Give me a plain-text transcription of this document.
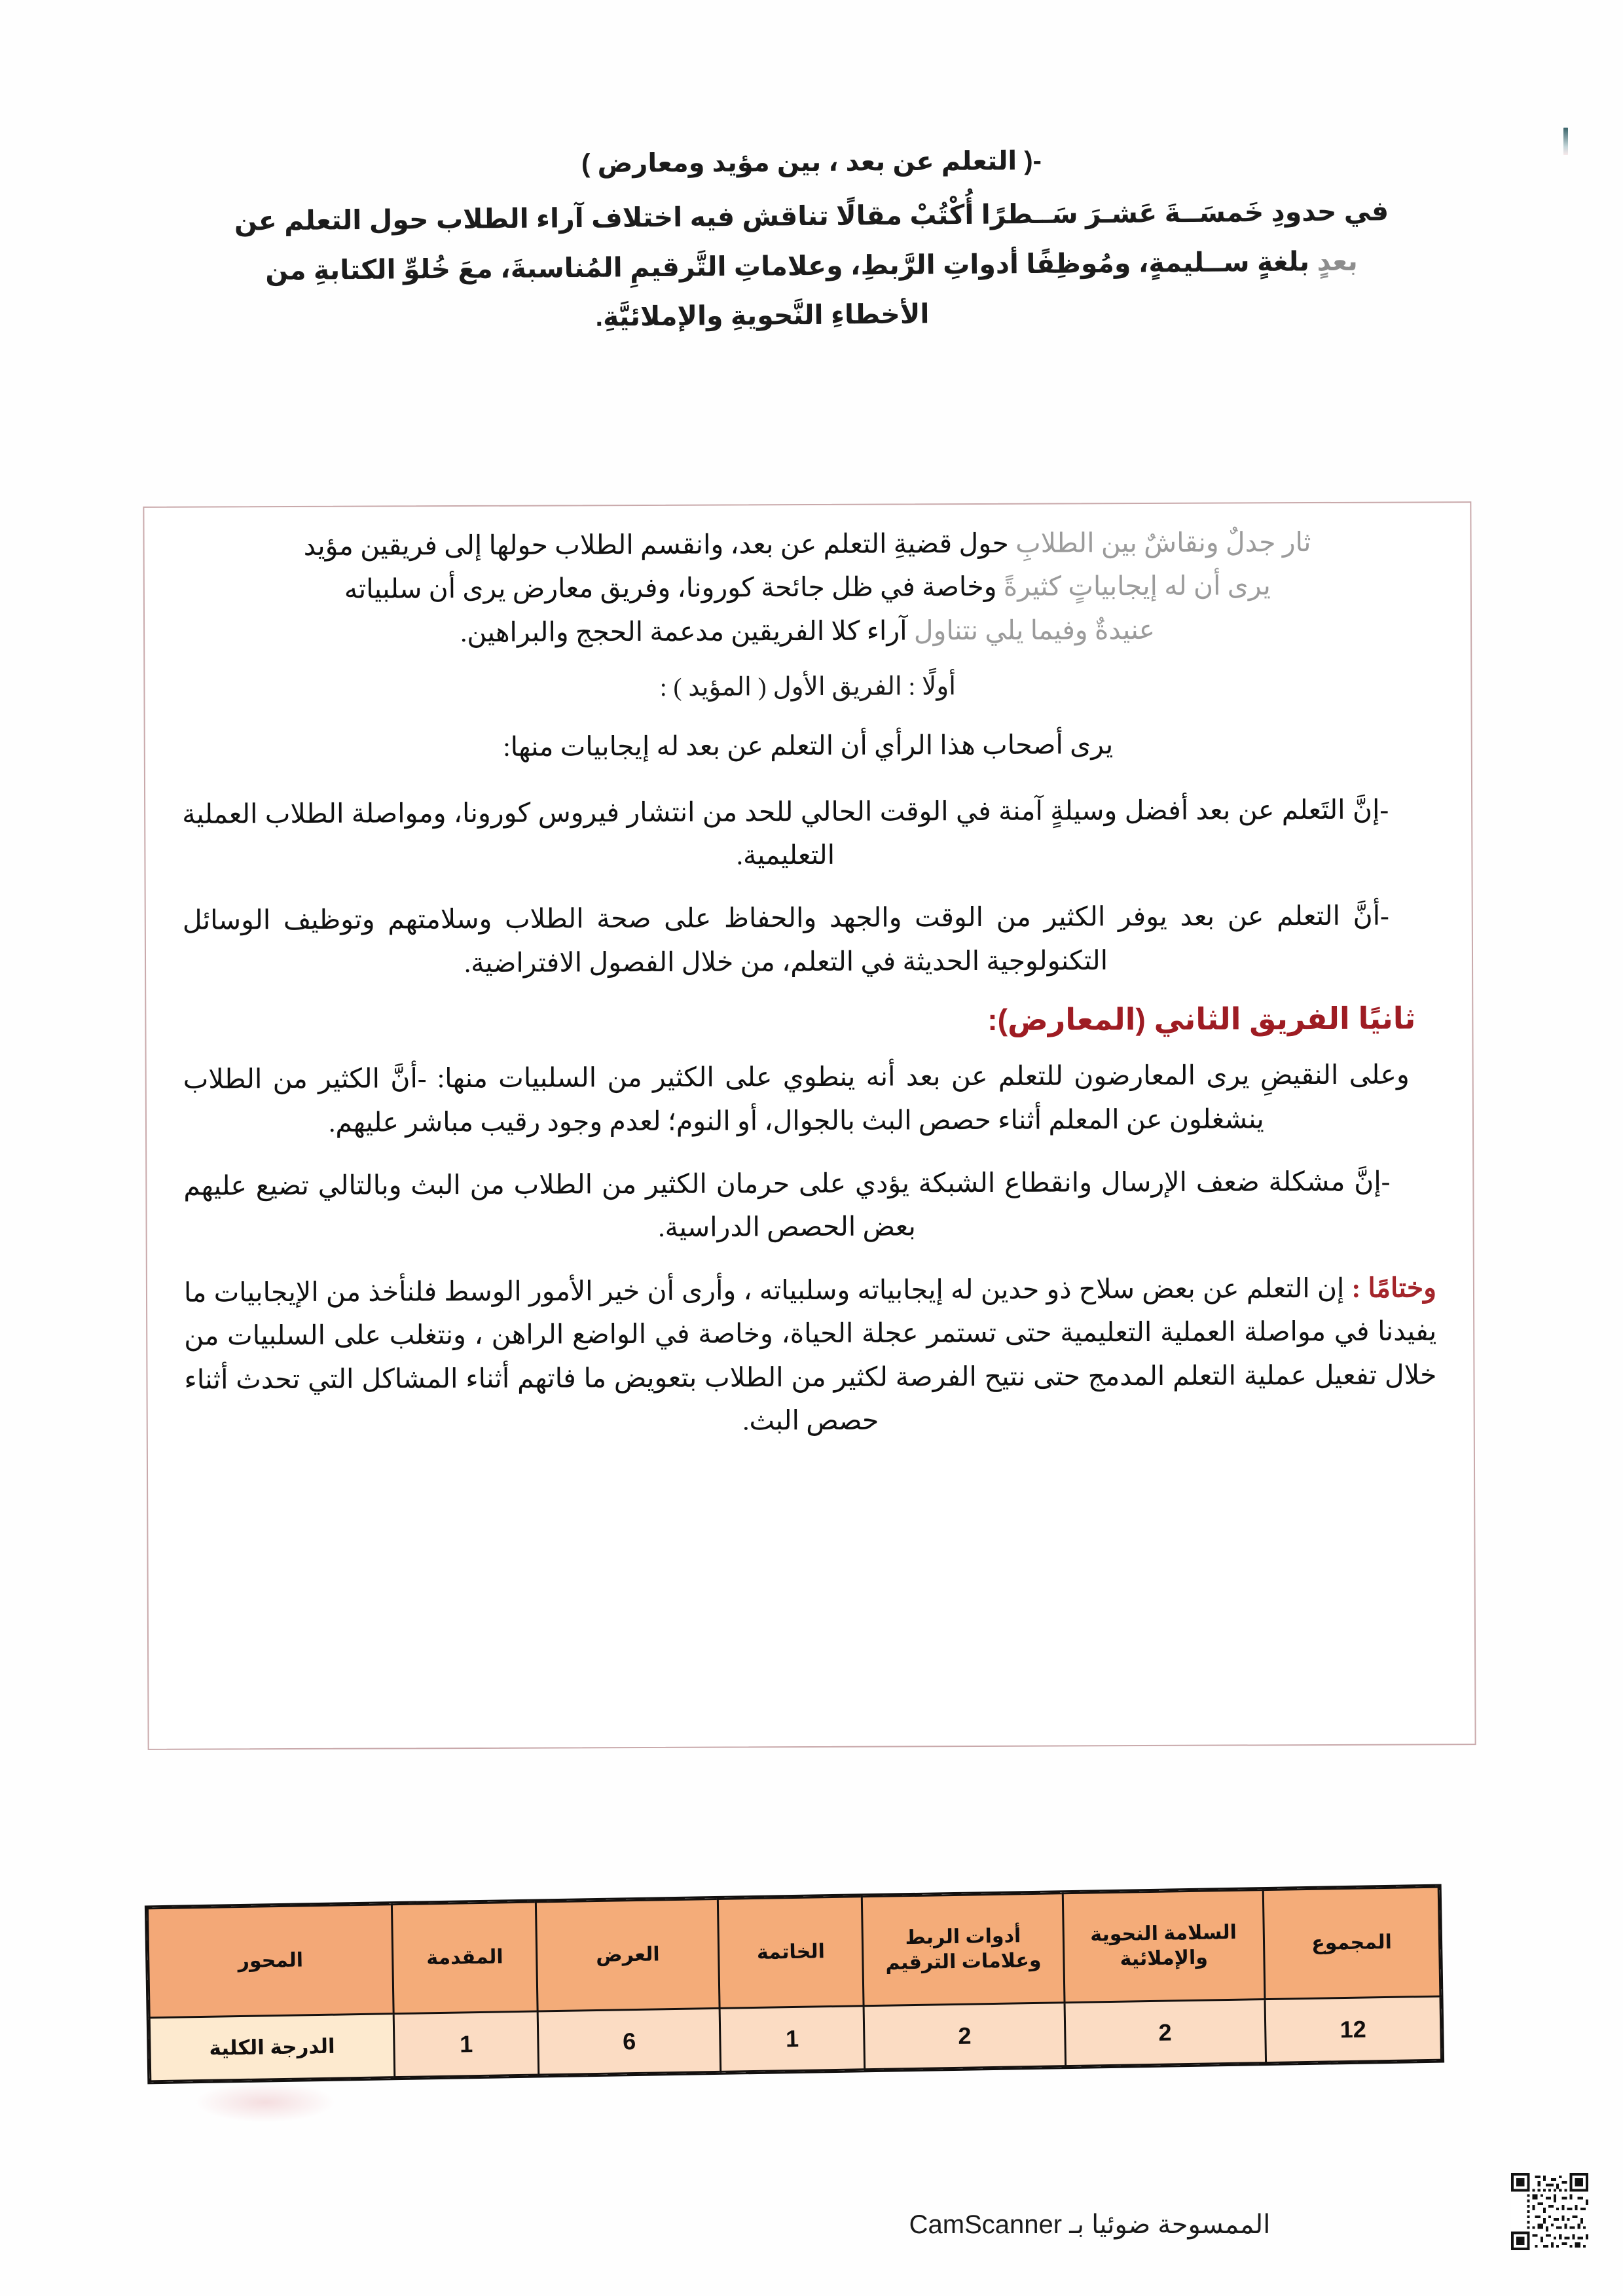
-( التعلم عن بعد ، بين مؤيد ومعارض )

في حدودِ خَمسَــةَ عَشـرَ سَــطرًا أُكْتُبْ مقالًا تناقش فيه اختلاف آراء الطلاب حول التعلم عن

بعدٍ بلغةٍ ســليمةٍ، ومُوظِفًا أدواتِ الرَّبطِ، وعلاماتِ التَّرقيمِ المُناسبةَ، معَ خُلوِّ الكتابةِ من

الأخطاءِ النَّحويةِ والإملائيَّةِ.

ثار جدلٌ ونقاشٌ بين الطلابِ حول قضيةِ التعلم عن بعد، وانقسم الطلاب حولها إلى فريقين مؤيد
يرى أن له إيجابياتٍ كثيرةً وخاصة في ظل جائحة كورونا، وفريق معارض يرى أن سلبياته
عنيدةٌ وفيما يلي نتناول آراء كلا الفريقين مدعمة الحجج والبراهين.

أولًا : الفريق الأول ( المؤيد ) :

يرى أصحاب هذا الرأي أن التعلم عن بعد له إيجابيات منها:

-إنَّ التَعلم عن بعد أفضل وسيلةٍ آمنة في الوقت الحالي للحد من انتشار فيروس كورونا، ومواصلة الطلاب العملية التعليمية.

-أنَّ التعلم عن بعد يوفر الكثير من الوقت والجهد والحفاظ على صحة الطلاب وسلامتهم وتوظيف الوسائل التكنولوجية الحديثة في التعلم، من خلال الفصول الافتراضية.

ثانيًا الفريق الثاني (المعارض):

وعلى النقيضِ يرى المعارضون للتعلم عن بعد أنه ينطوي على الكثير من السلبيات منها: -أنَّ الكثير من الطلاب ينشغلون عن المعلم أثناء حصص البث بالجوال، أو النوم؛ لعدم وجود رقيب مباشر عليهم.

-إنَّ مشكلة ضعف الإرسال وانقطاع الشبكة يؤدي على حرمان الكثير من الطلاب من البث وبالتالي تضيع عليهم بعض الحصص الدراسية.

وختامًا : إن التعلم عن بعض سلاح ذو حدين له إيجابياته وسلبياته ، وأرى أن خير الأمور الوسط فلنأخذ من الإيجابيات ما يفيدنا في مواصلة العملية التعليمية حتى تستمر عجلة الحياة، وخاصة في الواضع الراهن ، ونتغلب على السلبيات من خلال تفعيل عملية التعلم المدمج حتى نتيح الفرصة لكثير من الطلاب بتعويض ما فاتهم أثناء المشاكل التي تحدث أثناء حصص البث.

المجموع	السلامة النحوية والإملائية	أدوات الربط وعلامات الترقيم	الخاتمة	العرض	المقدمة	المحور
12	2	2	1	6	1	الدرجة الكلية
الممسوحة ضوئيا بـ CamScanner
